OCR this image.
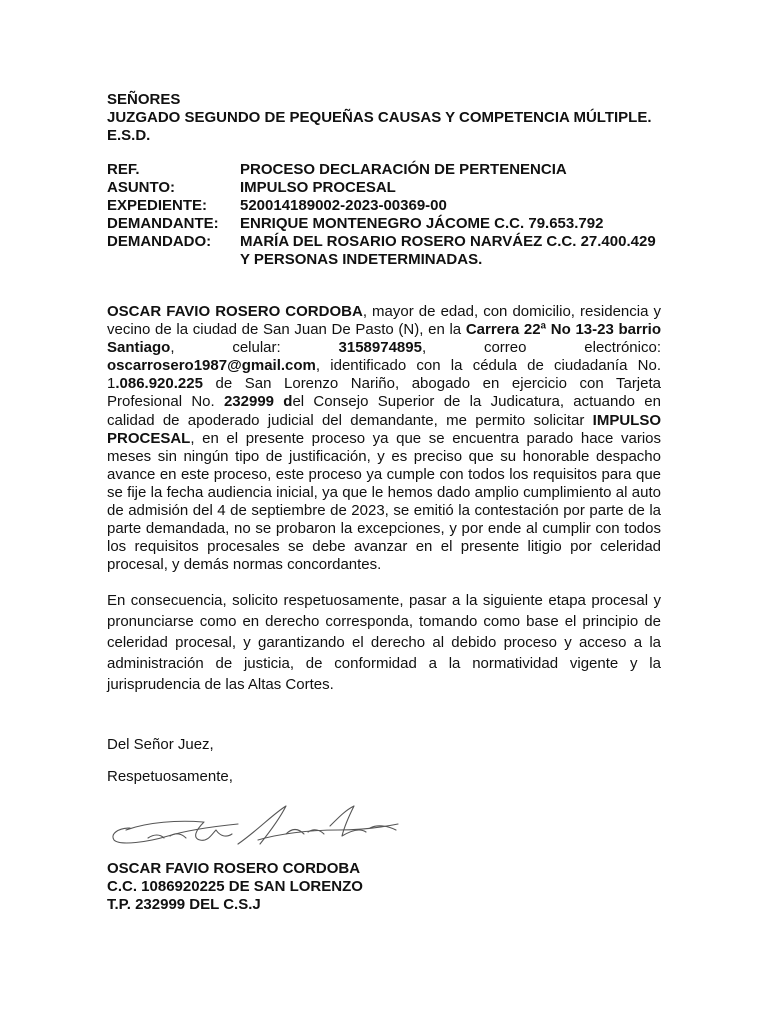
SEÑORES
JUZGADO SEGUNDO DE PEQUEÑAS CAUSAS Y COMPETENCIA MÚLTIPLE.
E.S.D.
REF.	PROCESO DECLARACIÓN DE PERTENENCIA
ASUNTO:	IMPULSO PROCESAL
EXPEDIENTE:	520014189002-2023-00369-00
DEMANDANTE:	ENRIQUE MONTENEGRO JÁCOME C.C. 79.653.792
DEMANDADO:	MARÍA DEL ROSARIO ROSERO NARVÁEZ C.C. 27.400.429
Y PERSONAS INDETERMINADAS.

OSCAR FAVIO ROSERO CORDOBA, mayor de edad, con domicilio, residencia y vecino de la ciudad de San Juan De Pasto (N), en la Carrera 22ª No 13-23 barrio Santiago, celular: 3158974895, correo electrónico: oscarrosero1987@gmail.com, identificado con la cédula de ciudadanía No. 1.086.920.225 de San Lorenzo Nariño, abogado en ejercicio con Tarjeta Profesional No. 232999 del Consejo Superior de la Judicatura, actuando en calidad de apoderado judicial del demandante, me permito solicitar IMPULSO PROCESAL, en el presente proceso ya que se encuentra parado hace varios meses sin ningún tipo de justificación, y es preciso que su honorable despacho avance en este proceso, este proceso ya cumple con todos los requisitos para que se fije la fecha audiencia inicial, ya que le hemos dado amplio cumplimiento al auto de admisión del 4 de septiembre de 2023, se emitió la contestación por parte de la parte demandada, no se probaron la excepciones, y por ende al cumplir con todos los requisitos procesales se debe avanzar en el presente litigio por celeridad procesal, y demás normas concordantes.

En consecuencia, solicito respetuosamente, pasar a la siguiente etapa procesal y pronunciarse como en derecho corresponda, tomando como base el principio de celeridad procesal, y garantizando el derecho al debido proceso y acceso a la administración de justicia, de conformidad a la normatividad vigente y la jurisprudencia de las Altas Cortes.

Del Señor Juez,
Respetuosamente,
Oscar Favio Rosero Cordoba
OSCAR FAVIO ROSERO CORDOBA
C.C. 1086920225 DE SAN LORENZO
T.P. 232999 DEL C.S.J
